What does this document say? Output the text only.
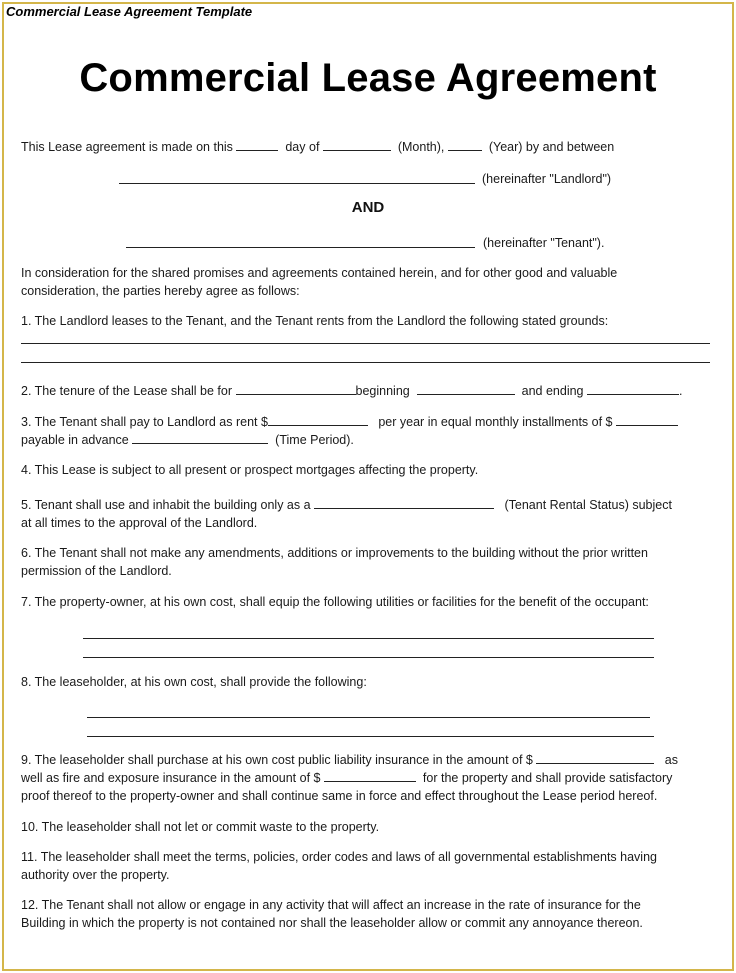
Commercial Lease Agreement Template
Commercial Lease Agreement
This Lease agreement is made on this	day of	(Month),	(Year) by and between
(hereinafter "Landlord")
AND
(hereinafter "Tenant").
In consideration for the shared promises and agreements contained herein, and for other good and valuable
consideration, the parties hereby agree as follows:
1. The Landlord leases to the Tenant, and the Tenant rents from the Landlord the following stated grounds:
2. The tenure of the Lease shall be for	beginning	and ending	.
3. The Tenant shall pay to Landlord as rent $	per year in equal monthly installments of $
payable in advance	(Time Period).
4. This Lease is subject to all present or prospect mortgages affecting the property.
5. Tenant shall use and inhabit the building only as a	(Tenant Rental Status) subject
at all times to the approval of the Landlord.
6. The Tenant shall not make any amendments, additions or improvements to the building without the prior written
permission of the Landlord.
7. The property-owner, at his own cost, shall equip the following utilities or facilities for the benefit of the occupant:
8. The leaseholder, at his own cost, shall provide the following:
9. The leaseholder shall purchase at his own cost public liability insurance in the amount of $	as
well as fire and exposure insurance in the amount of $	for the property and shall provide satisfactory
proof thereof to the property-owner and shall continue same in force and effect throughout the Lease period hereof.
10. The leaseholder shall not let or commit waste to the property.
11. The leaseholder shall meet the terms, policies, order codes and laws of all governmental establishments having
authority over the property.
12. The Tenant shall not allow or engage in any activity that will affect an increase in the rate of insurance for the
Building in which the property is not contained nor shall the leaseholder allow or commit any annoyance thereon.
